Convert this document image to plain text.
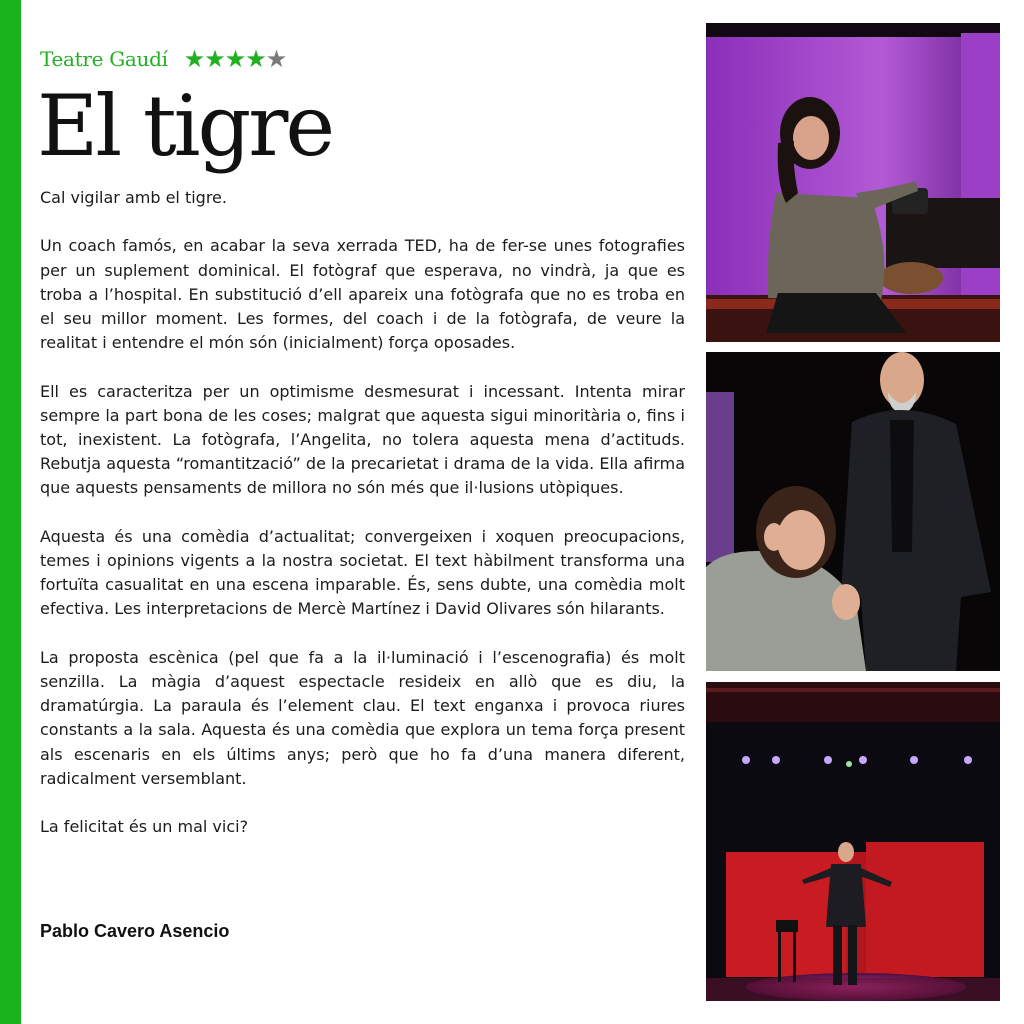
Teatre Gaudí ★★★★★
El tigre

Cal vigilar amb el tigre.

Un coach famós, en acabar la seva xerrada TED, ha de fer-se unes fotografies per un suplement dominical. El fotògraf que esperava, no vindrà, ja que es troba a l’hospital. En substitució d’ell apareix una fotògrafa que no es troba en el seu millor moment. Les formes, del coach i de la fotògrafa, de veure la realitat i entendre el món són (inicialment) força oposades.

Ell es caracteritza per un optimisme desmesurat i incessant. Intenta mirar sempre la part bona de les coses; malgrat que aquesta sigui minoritària o, fins i tot, inexistent. La fotògrafa, l’Angelita, no tolera aquesta mena d’actituds. Rebutja aquesta “romantització” de la precarietat i drama de la vida. Ella afirma que aquests pensaments de millora no són més que il·lusions utòpiques.

Aquesta és una comèdia d’actualitat; convergeixen i xoquen preocupacions, temes i opinions vigents a la nostra societat. El text hàbilment transforma una fortuïta casualitat en una escena imparable. És, sens dubte, una comèdia molt efectiva. Les interpretacions de Mercè Martínez i David Olivares són hilarants.

La proposta escènica (pel que fa a la il·luminació i l’escenografia) és molt senzilla. La màgia d’aquest espectacle resideix en allò que es diu, la dramatúrgia. La paraula és l’element clau. El text enganxa i provoca riures constants a la sala. Aquesta és una comèdia que explora un tema força present als escenaris en els últims anys; però que ho fa d’una manera diferent, radicalment versemblant.

La felicitat és un mal vici?

Pablo Cavero Asencio
